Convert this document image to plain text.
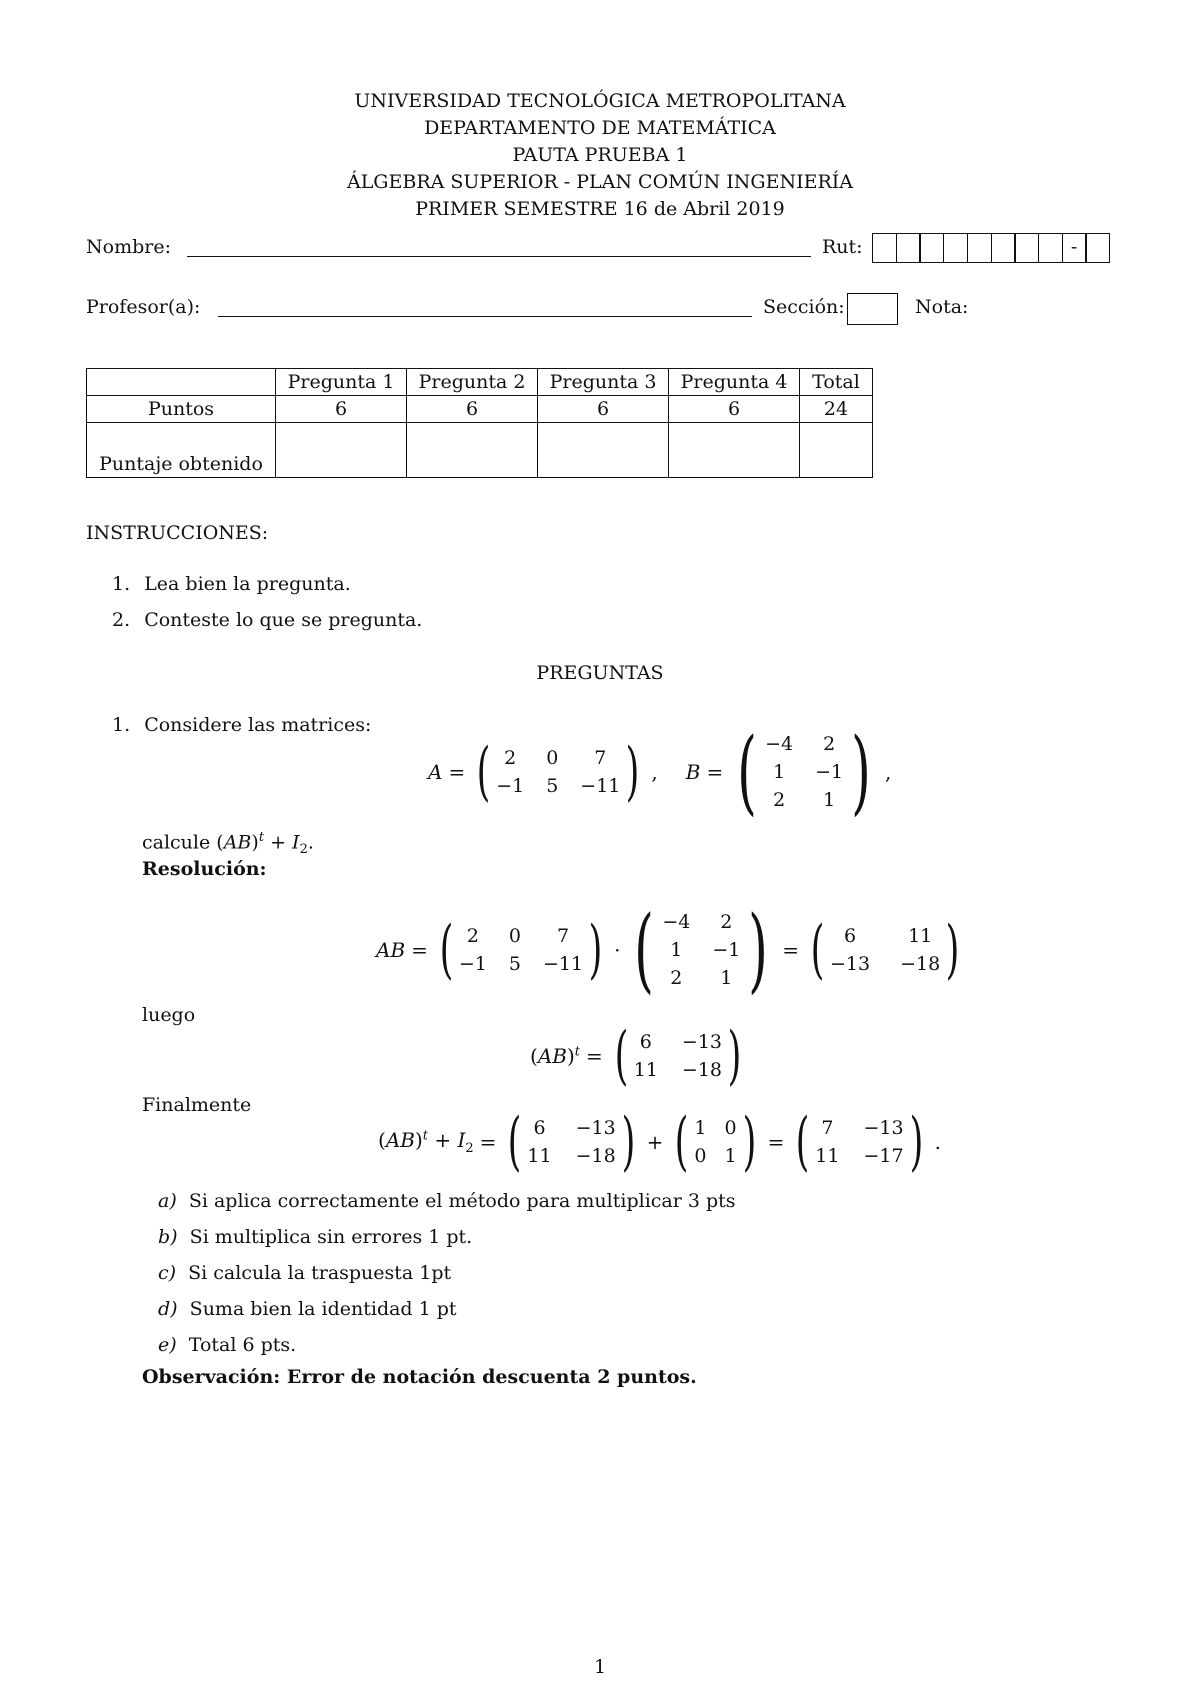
UNIVERSIDAD TECNOLÓGICA METROPOLITANA
DEPARTAMENTO DE MATEMÁTICA
PAUTA PRUEBA 1
ÁLGEBRA SUPERIOR - PLAN COMÚN INGENIERÍA
PRIMER SEMESTRE 16 de Abril 2019
Nombre:	Rut:	-
Profesor(a):	Sección:	Nota:
	Pregunta 1	Pregunta 2	Pregunta 3	Pregunta 4	Total
Puntos	6	6	6	6	24
Puntaje obtenido					
INSTRUCCIONES:
1. Lea bien la pregunta.
2. Conteste lo que se pregunta.
PREGUNTAS
1. Considere las matrices:
A = ( 2	0	7
−1 5 −11 ) , B = ( −4	2
1	−1
2	1 ) ,
calcule $(AB)^t + I_2$.
Resolución:
AB = ( 2	0	7
−1 5 −11 ) · ( −4	2
1	−1
2	1 ) = (	6	11
−13 −18 )
luego
(AB)$^t$ = ( 6	−13
11 −18 )
Finalmente
$(AB)^t + I_2$ = ( 6	−13
11 −18 ) + ( 1 0
0 1 ) = ( 7	−13
11 −17 ) .
a) Si aplica correctamente el método para multiplicar 3 pts
b) Si multiplica sin errores 1 pt.
c) Si calcula la traspuesta 1pt
d) Suma bien la identidad 1 pt
e) Total 6 pts.
Observación: Error de notación descuenta 2 puntos.
1
